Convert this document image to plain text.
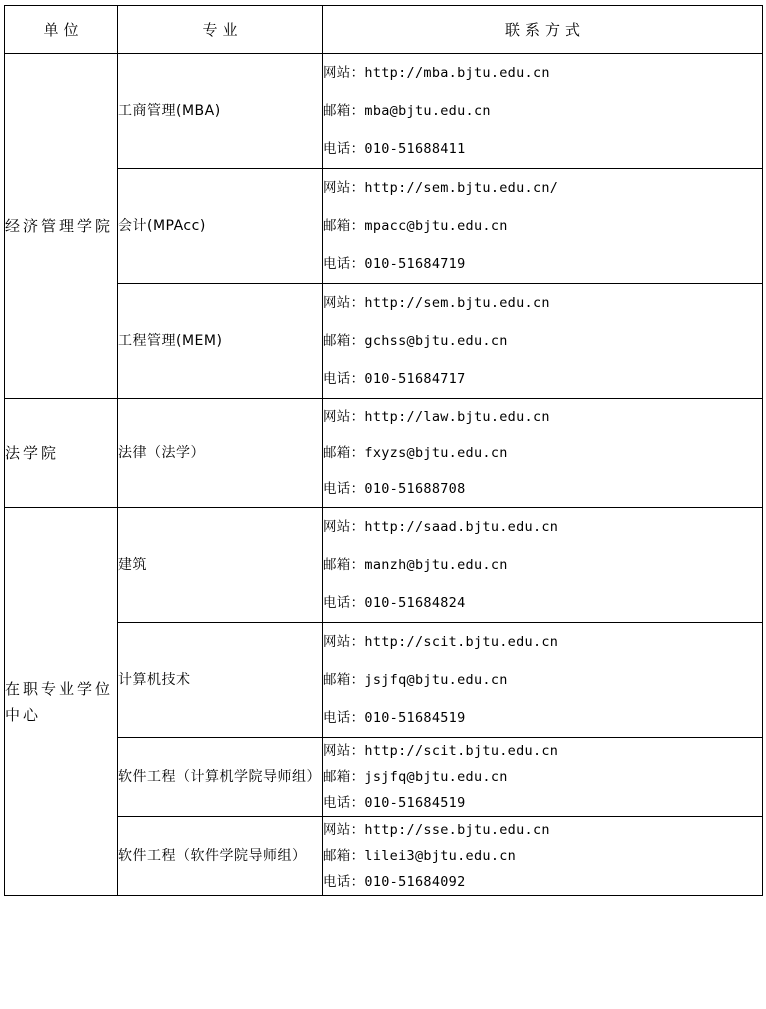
单位	专业	联系方式
经济管理学院	工商管理(MBA)	网站：http://mba.bjtu.edu.cn
邮箱：mba@bjtu.edu.cn
电话：010-51688411

	会计(MPAcc)	网站：http://sem.bjtu.edu.cn/
邮箱：mpacc@bjtu.edu.cn
电话：010-51684719

	工程管理(MEM)	网站：http://sem.bjtu.edu.cn
邮箱：gchss@bjtu.edu.cn
电话：010-51684717

法学院	法律（法学）	网站：http://law.bjtu.edu.cn
邮箱：fxyzs@bjtu.edu.cn
电话：010-51688708

在职专业学位中心	建筑	网站：http://saad.bjtu.edu.cn
邮箱：manzh@bjtu.edu.cn
电话：010-51684824

	计算机技术	网站：http://scit.bjtu.edu.cn
邮箱：jsjfq@bjtu.edu.cn
电话：010-51684519

	软件工程（计算机学院导师组）	网站：http://scit.bjtu.edu.cn
邮箱：jsjfq@bjtu.edu.cn
电话：010-51684519

	软件工程（软件学院导师组）	网站：http://sse.bjtu.edu.cn
邮箱：lilei3@bjtu.edu.cn
电话：010-51684092
